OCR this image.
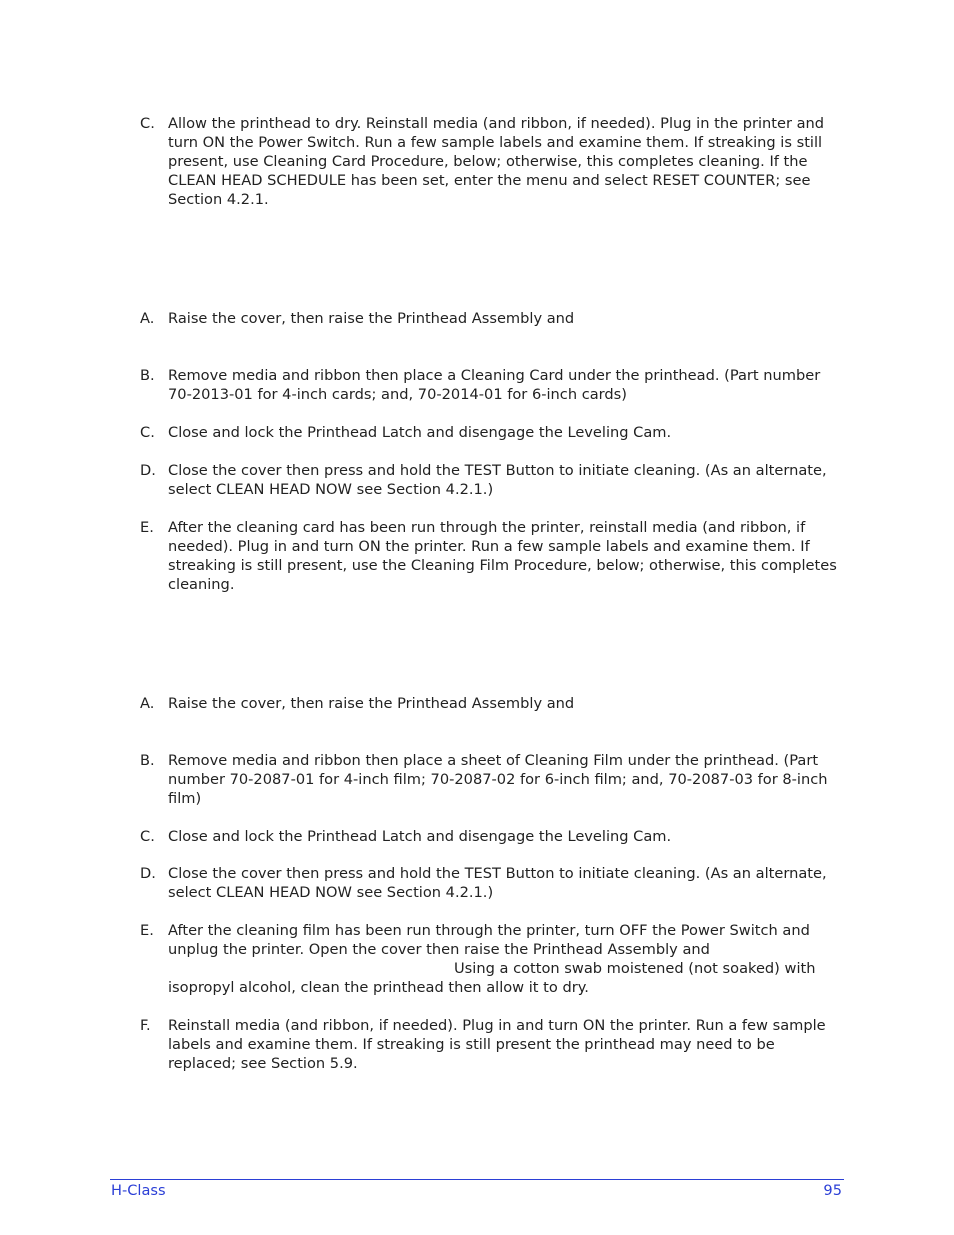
C. Allow the printhead to dry. Reinstall media (and ribbon, if needed). Plug in the printer and turn ON the Power Switch. Run a few sample labels and examine them. If streaking is still present, use Cleaning Card Procedure, below; otherwise, this completes cleaning. If the CLEAN HEAD SCHEDULE has been set, enter the menu and select RESET COUNTER; see Section 4.2.1.
A. Raise the cover, then raise the Printhead Assembly and
B. Remove media and ribbon then place a Cleaning Card under the printhead. (Part number 70-2013-01 for 4-inch cards; and, 70-2014-01 for 6-inch cards)
C. Close and lock the Printhead Latch and disengage the Leveling Cam.
D. Close the cover then press and hold the TEST Button to initiate cleaning. (As an alternate, select CLEAN HEAD NOW see Section 4.2.1.)
E. After the cleaning card has been run through the printer, reinstall media (and ribbon, if needed). Plug in and turn ON the printer. Run a few sample labels and examine them. If streaking is still present, use the Cleaning Film Procedure, below; otherwise, this completes cleaning.
A. Raise the cover, then raise the Printhead Assembly and
B. Remove media and ribbon then place a sheet of Cleaning Film under the printhead. (Part number 70-2087-01 for 4-inch film; 70-2087-02 for 6-inch film; and, 70-2087-03 for 8-inch film)
C. Close and lock the Printhead Latch and disengage the Leveling Cam.
D. Close the cover then press and hold the TEST Button to initiate cleaning. (As an alternate, select CLEAN HEAD NOW see Section 4.2.1.)
E. After the cleaning film has been run through the printer, turn OFF the Power Switch and unplug the printer. Open the cover then raise the Printhead Assembly and Using a cotton swab moistened (not soaked) with isopropyl alcohol, clean the printhead then allow it to dry.
F. Reinstall media (and ribbon, if needed). Plug in and turn ON the printer. Run a few sample labels and examine them. If streaking is still present the printhead may need to be replaced; see Section 5.9.
H-Class	95
